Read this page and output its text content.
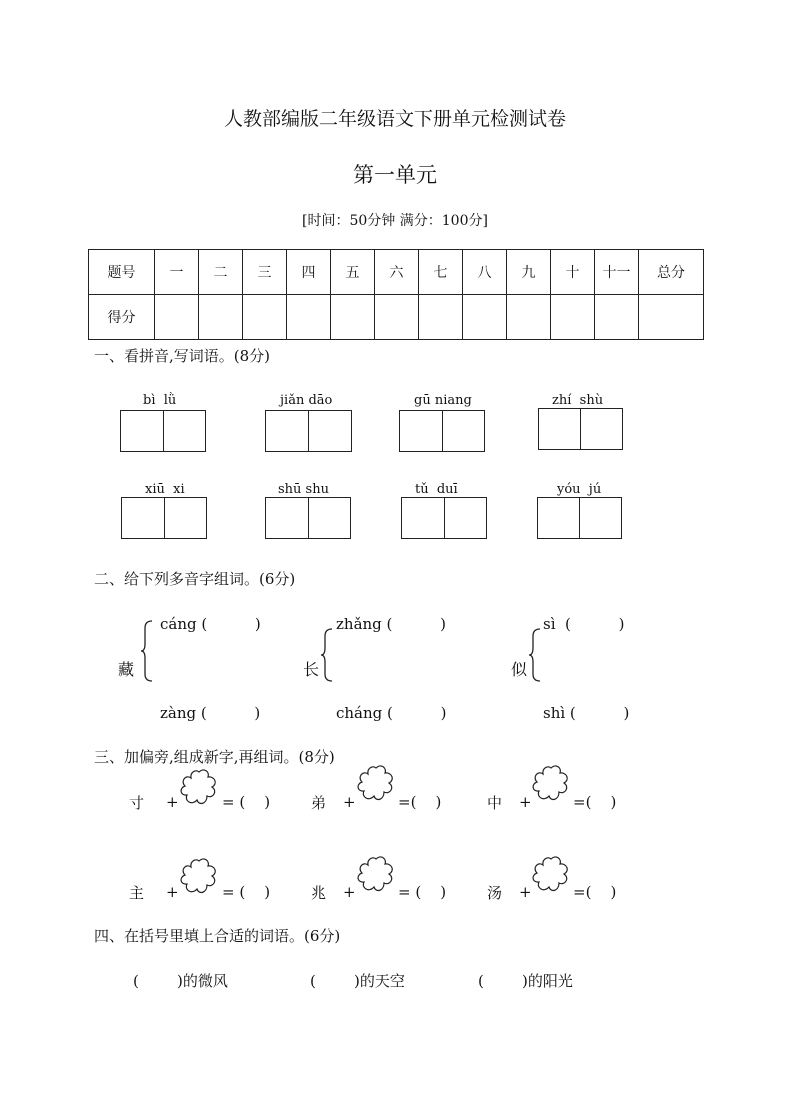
人教部编版二年级语文下册单元检测试卷
第一单元
[时间：50分钟 满分：100分]
题号	一	二	三	四	五	六	七	八	九	十	十一	总分
得分												
一、看拼音,写词语。(8分)
bì  lǜ	jiǎn dāo	gū niang	zhí  shù
xiū  xi	shū shu	tǔ  duī	yóu  jú
二、给下列多音字组词。(6分)
cáng (          )
藏
zàng (          )
zhǎng (          )
长
cháng (          )
sì  (          )
似
shì (          )
三、加偏旁,组成新字,再组词。(8分)
寸 +	= (    )	弟 +	=(    )	中 +	=(    )
主 +	= (    )	兆 +	= (    )	汤 +	=(    )
四、在括号里填上合适的词语。(6分)
(        )的微风	(        )的天空	(        )的阳光
